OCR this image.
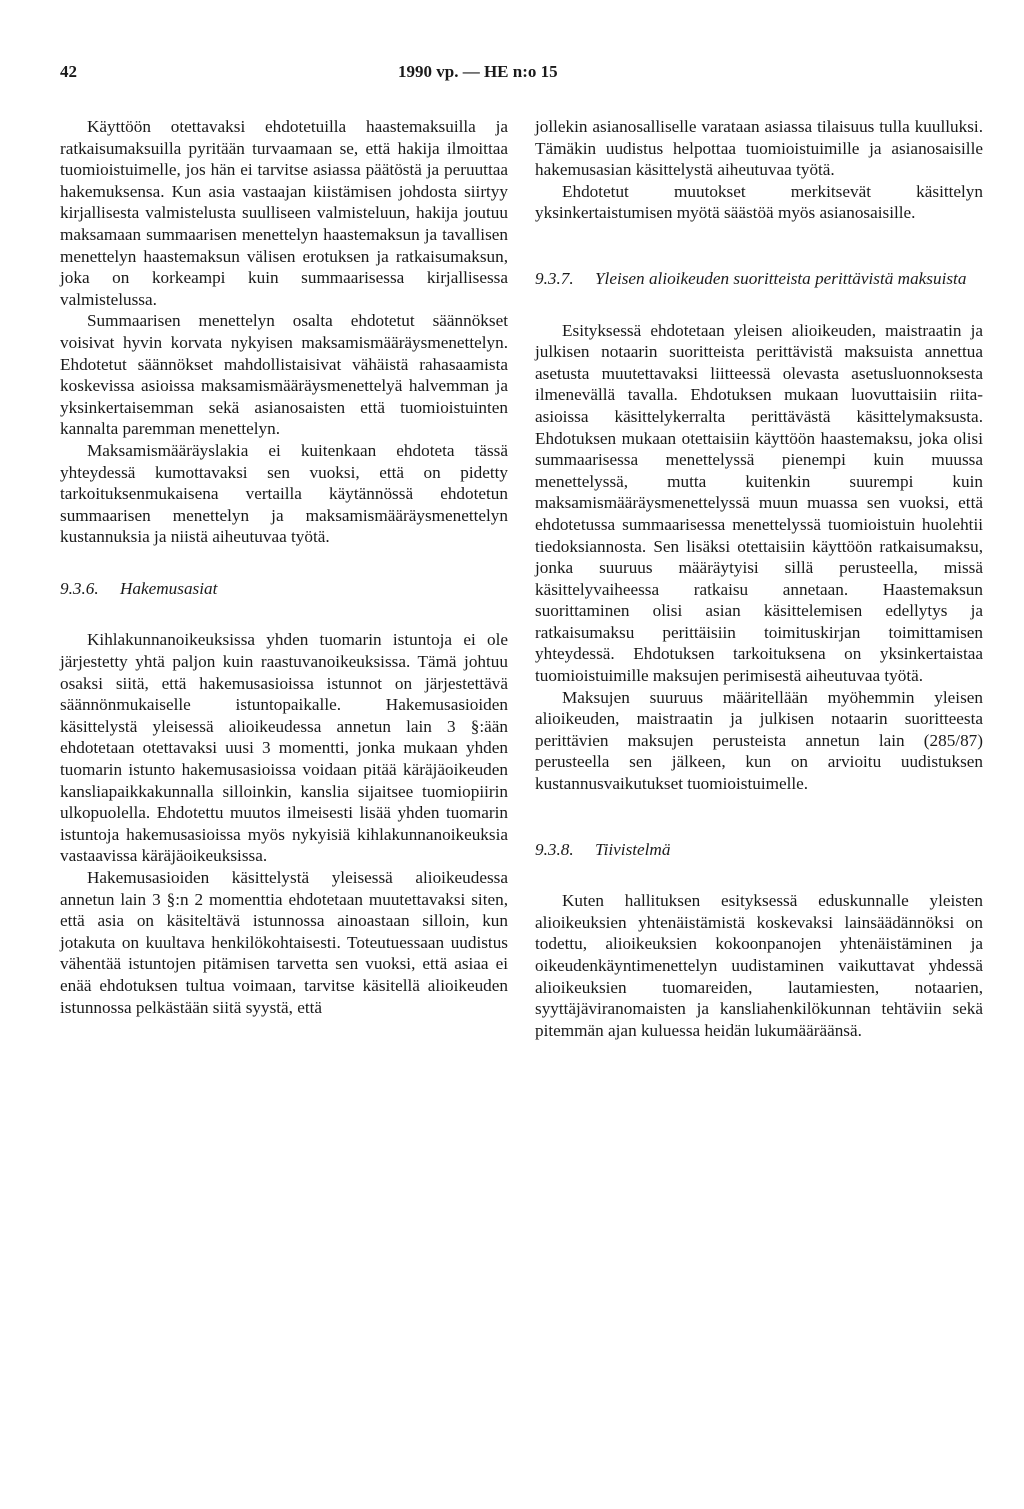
42	1990 vp. — HE n:o 15

Käyttöön otettavaksi ehdotetuilla haastemaksuilla ja ratkaisumaksuilla pyritään turvaamaan se, että hakija ilmoittaa tuomioistuimelle, jos hän ei tarvitse asiassa päätöstä ja peruuttaa hakemuksensa. Kun asia vastaajan kiistämisen johdosta siirtyy kirjallisesta valmistelusta suulliseen valmisteluun, hakija joutuu maksamaan summaarisen menettelyn haastemaksun ja tavallisen menettelyn haastemaksun välisen erotuksen ja ratkaisumaksun, joka on korkeampi kuin summaarisessa kirjallisessa valmistelussa.

Summaarisen menettelyn osalta ehdotetut säännökset voisivat hyvin korvata nykyisen maksamismääräysmenettelyn. Ehdotetut säännökset mahdollistaisivat vähäistä rahasaamista koskevissa asioissa maksamismääräysmenettelyä halvemman ja yksinkertaisemman sekä asianosaisten että tuomioistuinten kannalta paremman menettelyn.

Maksamismääräyslakia ei kuitenkaan ehdoteta tässä yhteydessä kumottavaksi sen vuoksi, että on pidetty tarkoituksenmukaisena vertailla käytännössä ehdotetun summaarisen menettelyn ja maksamismääräysmenettelyn kustannuksia ja niistä aiheutuvaa työtä.

9.3.6. Hakemusasiat

Kihlakunnanoikeuksissa yhden tuomarin istuntoja ei ole järjestetty yhtä paljon kuin raastuvanoikeuksissa. Tämä johtuu osaksi siitä, että hakemusasioissa istunnot on järjestettävä säännönmukaiselle istuntopaikalle. Hakemusasioiden käsittelystä yleisessä alioikeudessa annetun lain 3 §:ään ehdotetaan otettavaksi uusi 3 momentti, jonka mukaan yhden tuomarin istunto hakemusasioissa voidaan pitää käräjäoikeuden kansliapaikkakunnalla silloinkin, kanslia sijaitsee tuomiopiirin ulkopuolella. Ehdotettu muutos ilmeisesti lisää yhden tuomarin istuntoja hakemusasioissa myös nykyisiä kihlakunnanoikeuksia vastaavissa käräjäoikeuksissa.

Hakemusasioiden käsittelystä yleisessä alioikeudessa annetun lain 3 §:n 2 momenttia ehdotetaan muutettavaksi siten, että asia on käsiteltävä istunnossa ainoastaan silloin, kun jotakuta on kuultava henkilökohtaisesti. Toteutuessaan uudistus vähentää istuntojen pitämisen tarvetta sen vuoksi, että asiaa ei enää ehdotuksen tultua voimaan, tarvitse käsitellä alioikeuden istunnossa pelkästään siitä syystä, että

jollekin asianosalliselle varataan asiassa tilaisuus tulla kuulluksi. Tämäkin uudistus helpottaa tuomioistuimille ja asianosaisille hakemusasian käsittelystä aiheutuvaa työtä.

Ehdotetut muutokset merkitsevät käsittelyn yksinkertaistumisen myötä säästöä myös asianosaisille.

9.3.7.	Yleisen alioikeuden suoritteista perittävistä maksuista

Esityksessä ehdotetaan yleisen alioikeuden, maistraatin ja julkisen notaarin suoritteista perittävistä maksuista annettua asetusta muutettavaksi liitteessä olevasta asetusluonnoksesta ilmenevällä tavalla. Ehdotuksen mukaan luovuttaisiin riita-asioissa käsittelykerralta perittävästä käsittelymaksusta. Ehdotuksen mukaan otettaisiin käyttöön haastemaksu, joka olisi summaarisessa menettelyssä pienempi kuin muussa menettelyssä, mutta kuitenkin suurempi kuin maksamismääräysmenettelyssä muun muassa sen vuoksi, että ehdotetussa summaarisessa menettelyssä tuomioistuin huolehtii tiedoksiannosta. Sen lisäksi otettaisiin käyttöön ratkaisumaksu, jonka suuruus määräytyisi sillä perusteella, missä käsittelyvaiheessa ratkaisu annetaan. Haastemaksun suorittaminen olisi asian käsittelemisen edellytys ja ratkaisumaksu perittäisiin toimituskirjan toimittamisen yhteydessä. Ehdotuksen tarkoituksena on yksinkertaistaa tuomioistuimille maksujen perimisestä aiheutuvaa työtä.

Maksujen suuruus määritellään myöhemmin yleisen alioikeuden, maistraatin ja julkisen notaarin suoritteesta perittävien maksujen perusteista annetun lain (285/87) perusteella sen jälkeen, kun on arvioitu uudistuksen kustannusvaikutukset tuomioistuimelle.

9.3.8. Tiivistelmä

Kuten hallituksen esityksessä eduskunnalle yleisten alioikeuksien yhtenäistämistä koskevaksi lainsäädännöksi on todettu, alioikeuksien kokoonpanojen yhtenäistäminen ja oikeudenkäyntimenettelyn uudistaminen vaikuttavat yhdessä alioikeuksien tuomareiden, lautamiesten, notaarien, syyttäjäviranomaisten ja kansliahenkilökunnan tehtäviin sekä pitemmän ajan kuluessa heidän lukumääräänsä.
